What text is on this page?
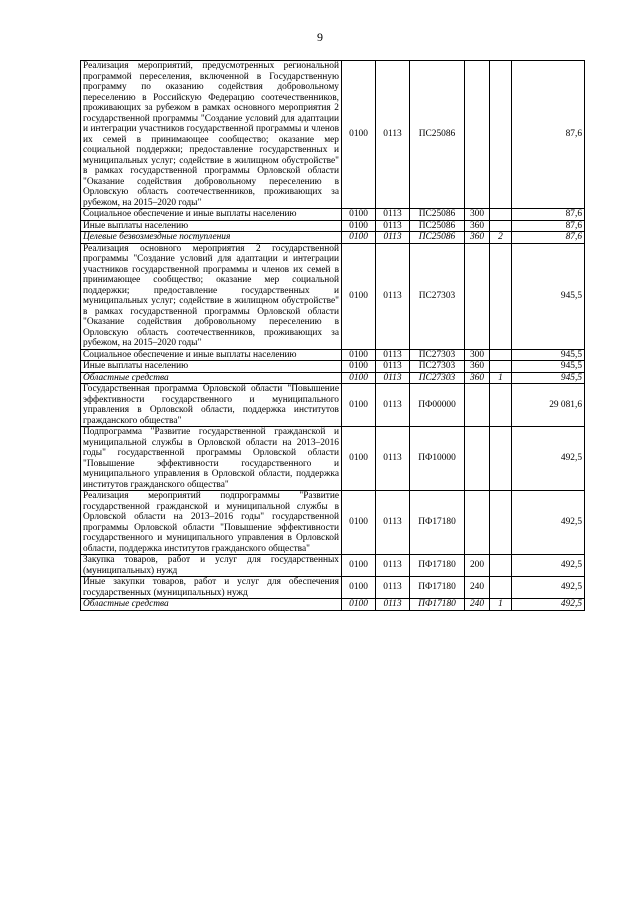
9
Реализация мероприятий, предусмотренных региональной программой переселения, включенной в Государственную программу по оказанию содействия добровольному переселению в Российскую Федерацию соотечественников, проживающих за рубежом в рамках основного мероприятия 2 государственной программы "Создание условий для адаптации и интеграции участников государственной программы и членов их семей в принимающее сообщество; оказание мер социальной поддержки; предоставление государственных и муниципальных услуг; содействие в жилищном обустройстве" в рамках государственной программы Орловской области "Оказание содействия добровольному переселению в Орловскую область соотечественников, проживающих за рубежом, на 2015–2020 годы"	0100	0113	ПС25086			87,6
Социальное обеспечение и иные выплаты населению	0100	0113	ПС25086	300		87,6
Иные выплаты населению	0100	0113	ПС25086	360		87,6
Целевые безвозмездные поступления	0100	0113	ПС25086	360	2	87,6
Реализация основного мероприятия 2 государственной программы "Создание условий для адаптации и интеграции участников государственной программы и членов их семей в принимающее сообщество; оказание мер социальной поддержки; предоставление государственных и муниципальных услуг; содействие в жилищном обустройстве" в рамках государственной программы Орловской области "Оказание содействия добровольному переселению в Орловскую область соотечественников, проживающих за рубежом, на 2015–2020 годы"	0100	0113	ПС27303			945,5
Социальное обеспечение и иные выплаты населению	0100	0113	ПС27303	300		945,5
Иные выплаты населению	0100	0113	ПС27303	360		945,5
Областные средства	0100	0113	ПС27303	360	1	945,5
Государственная программа Орловской области "Повышение эффективности государственного и муниципального управления в Орловской области, поддержка институтов гражданского общества"	0100	0113	ПФ00000			29 081,6
Подпрограмма "Развитие государственной гражданской и муниципальной службы в Орловской области на 2013–2016 годы" государственной программы Орловской области "Повышение эффективности государственного и муниципального управления в Орловской области, поддержка институтов гражданского общества"	0100	0113	ПФ10000			492,5
Реализация мероприятий подпрограммы "Развитие государственной гражданской и муниципальной службы в Орловской области на 2013–2016 годы" государственной программы Орловской области "Повышение эффективности государственного и муниципального управления в Орловской области, поддержка институтов гражданского общества"	0100	0113	ПФ17180			492,5
Закупка товаров, работ и услуг для государственных (муниципальных) нужд	0100	0113	ПФ17180	200		492,5
Иные закупки товаров, работ и услуг для обеспечения государственных (муниципальных) нужд	0100	0113	ПФ17180	240		492,5
Областные средства	0100	0113	ПФ17180	240	1	492,5
